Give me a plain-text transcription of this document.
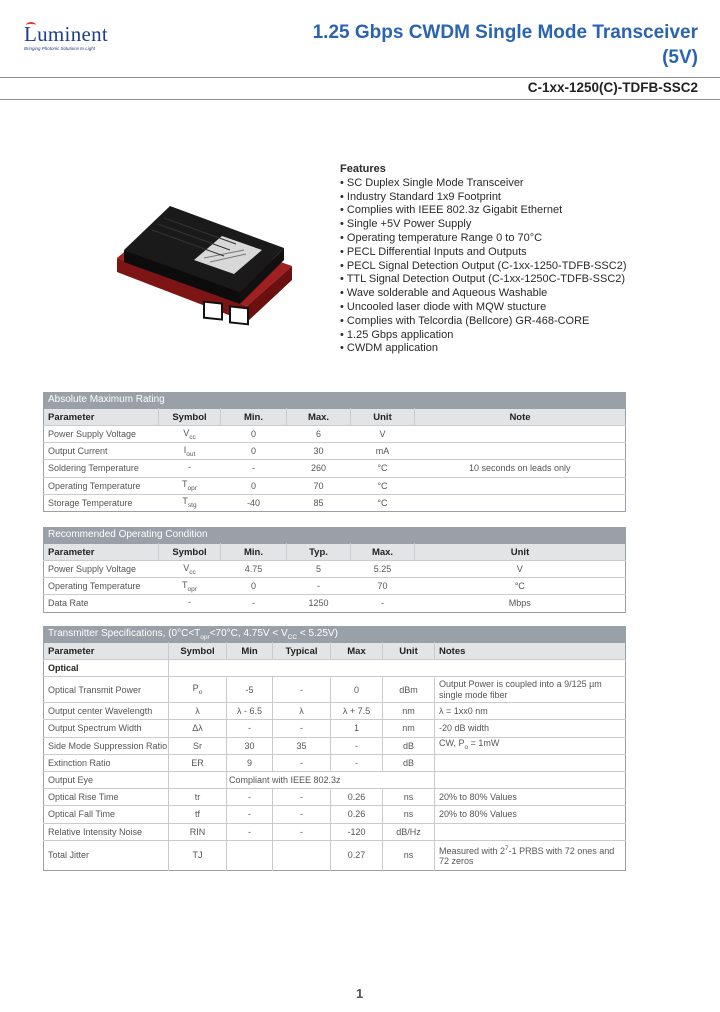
Luminent
Bringing Photonic Solutions to Light
1.25 Gbps CWDM Single Mode Transceiver
(5V)
C-1xx-1250(C)-TDFB-SSC2
Features
• SC Duplex Single Mode Transceiver
• Industry Standard 1x9 Footprint
• Complies with IEEE 802.3z Gigabit Ethernet
• Single +5V Power Supply
• Operating temperature Range 0 to 70°C
• PECL Differential Inputs and Outputs
• PECL Signal Detection Output (C-1xx-1250-TDFB-SSC2)
• TTL Signal Detection Output (C-1xx-1250C-TDFB-SSC2)
• Wave solderable and Aqueous Washable
• Uncooled laser diode with MQW stucture
• Complies with Telcordia (Bellcore) GR-468-CORE
• 1.25 Gbps application
• CWDM application
Absolute Maximum Rating
Parameter	Symbol	Min.	Max.	Unit	Note
Power Supply Voltage	$V_{cc}$	0	6	V	
Output Current	$I_{out}$	0	30	mA	
Soldering Temperature	-	-	260	°C	10 seconds on leads only
Operating Temperature	$T_{opr}$	0	70	°C	
Storage Temperature	$T_{stg}$	-40	85	°C	
Recommended Operating Condition
Parameter	Symbol	Min.	Typ.	Max.	Unit
Power Supply Voltage	$V_{cc}$	4.75	5	5.25	V
Operating Temperature	$T_{opr}$	0	-	70	°C
Data Rate	-	-	1250	-	Mbps
Transmitter Specifications, ($0^\circ C<T_{opr}<70^\circ C$, $4.75V < V_{CC} < 5.25V$)
Parameter	Symbol	Min	Typical	Max	Unit	Notes
Optical						
Optical Transmit Power	$P_o$	-5	-	0	dBm	Output Power is coupled into a 9/125 µm single mode fiber
Output center Wavelength	λ	λ - 6.5	λ	λ + 7.5	nm	λ = 1xx0 nm
Output Spectrum Width	Δλ	-	-	1	nm	-20 dB width
Side Mode Suppression Ratio	Sr	30	35	-	dB	CW, $P_o = 1mW$
Extinction Ratio	ER	9	-	-	dB	
Output Eye		Compliant with IEEE 802.3z				
Optical Rise Time	tr	-	-	0.26	ns	20% to 80% Values
Optical Fall Time	tf	-	-	0.26	ns	20% to 80% Values
Relative Intensity Noise	RIN	-	-	-120	dB/Hz	
Total Jitter	TJ			0.27	ns	Measured with $2^7-1$ PRBS with 72 ones and 72 zeros
1
